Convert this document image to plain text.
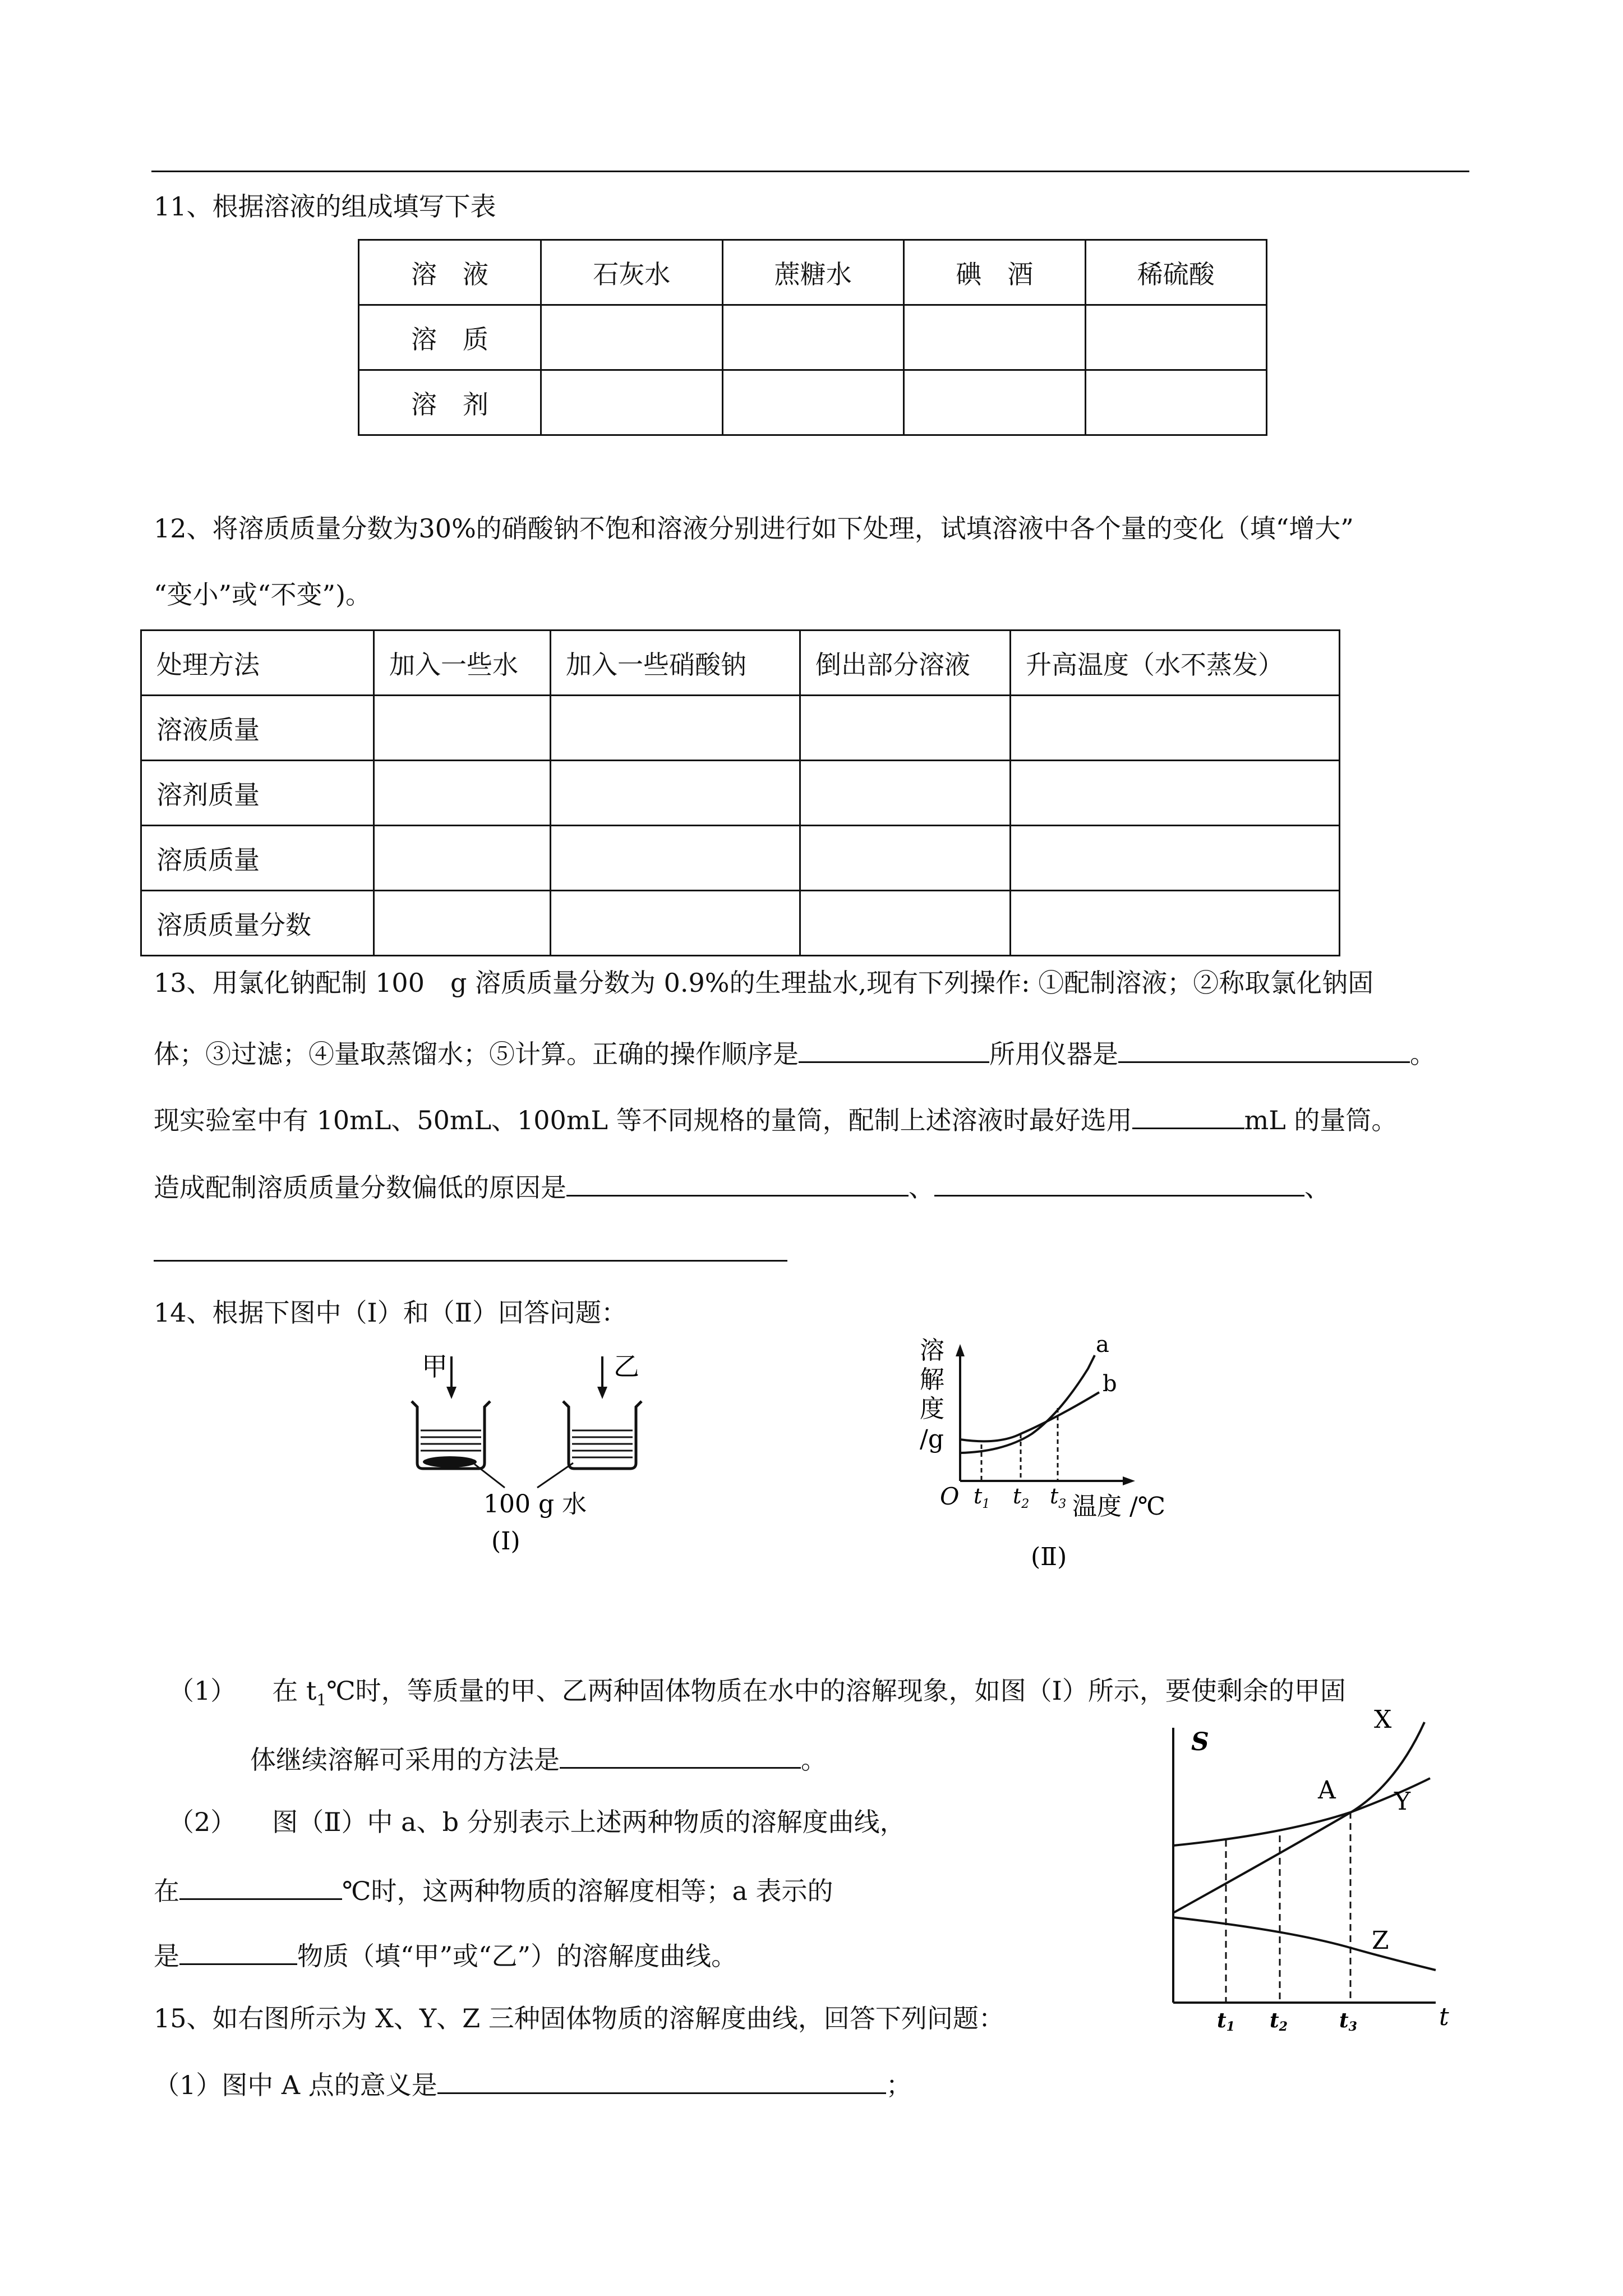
11、根据溶液的组成填写下表
溶　液	石灰水	蔗糖水	碘　酒	稀硫酸
溶　质				
溶　剂				
12、将溶质质量分数为30%的硝酸钠不饱和溶液分别进行如下处理，试填溶液中各个量的变化（填“增大”
“变小”或“不变”)。
处理方法	加入一些水	加入一些硝酸钠	倒出部分溶液	升高温度（水不蒸发）
溶液质量				
溶剂质量				
溶质质量				
溶质质量分数				
13、用氯化钠配制 100　g 溶质质量分数为 0.9%的生理盐水,现有下列操作: ①配制溶液；②称取氯化钠固
体；③过滤；④量取蒸馏水；⑤计算。正确的操作顺序是	所用仪器是	。
现实验室中有 10mL、50mL、100mL 等不同规格的量筒，配制上述溶液时最好选用	mL 的量筒。
造成配制溶质质量分数偏低的原因是	、	、
14、根据下图中（Ⅰ）和（Ⅱ）回答问题：
甲	乙
100 g 水
(Ⅰ)
溶
解
度
/g
a
b
O $t_1$ $t_2$ $t_3$ 温度 /℃
(Ⅱ)
（1） 在 $t_1℃$时，等质量的甲、乙两种固体物质在水中的溶解现象，如图（Ⅰ）所示，要使剩余的甲固
体继续溶解可采用的方法是	。
（2） 图（Ⅱ）中 a、b 分别表示上述两种物质的溶解度曲线，
在	℃时，这两种物质的溶解度相等；a 表示的
是	物质（填“甲”或“乙”）的溶解度曲线。
15、如右图所示为 X、Y、Z 三种固体物质的溶解度曲线，回答下列问题：
（1）图中 A 点的意义是	；
S
t
X
Y
A
Z
t1 t2	t3
